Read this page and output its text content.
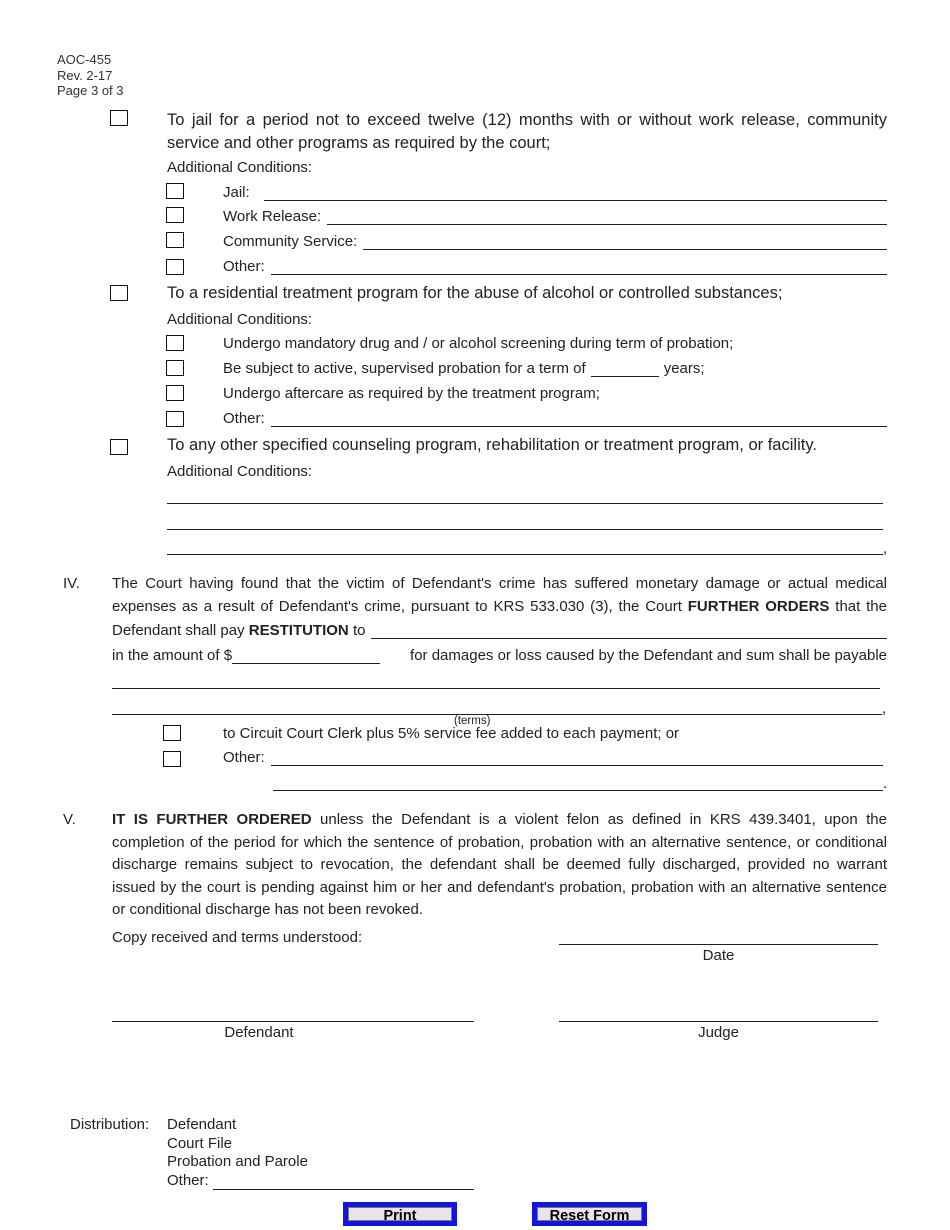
AOC-455
Rev. 2-17
Page 3 of 3
To jail for a period not to exceed twelve (12) months with or without work release, community service and other programs as required by the court;
Additional Conditions:
Jail:
Work Release:
Community Service:
Other:
To a residential treatment program for the abuse of alcohol or controlled substances;
Additional Conditions:
Undergo mandatory drug and / or alcohol screening during term of probation;
Be subject to active, supervised probation for a term of	years;
Undergo aftercare as required by the treatment program;
Other:
To any other specified counseling program, rehabilitation or treatment program, or facility.
Additional Conditions:
,
IV. The Court having found that the victim of Defendant's crime has suffered monetary damage or actual medical
expenses as a result of Defendant's crime, pursuant to KRS 533.030 (3), the Court FURTHER ORDERS that the
Defendant shall pay
RESTITUTION
to
in the amount of $	for damages or loss caused by the Defendant and sum shall be payable
,
(terms)
to Circuit Court Clerk plus 5% service fee added to each payment; or
Other:
.
V. IT IS FURTHER ORDERED unless the Defendant is a violent felon as defined in KRS 439.3401, upon the completion of the period for which the sentence of probation, probation with an alternative sentence, or conditional discharge remains subject to revocation, the defendant shall be deemed fully discharged, provided no warrant issued by the court is pending against him or her and defendant's probation, probation with an alternative sentence or conditional discharge has not been revoked.
Copy received and terms understood:
Date
Defendant	Judge
Distribution: Defendant
Court File
Probation and Parole
Other:
Print	Reset Form
